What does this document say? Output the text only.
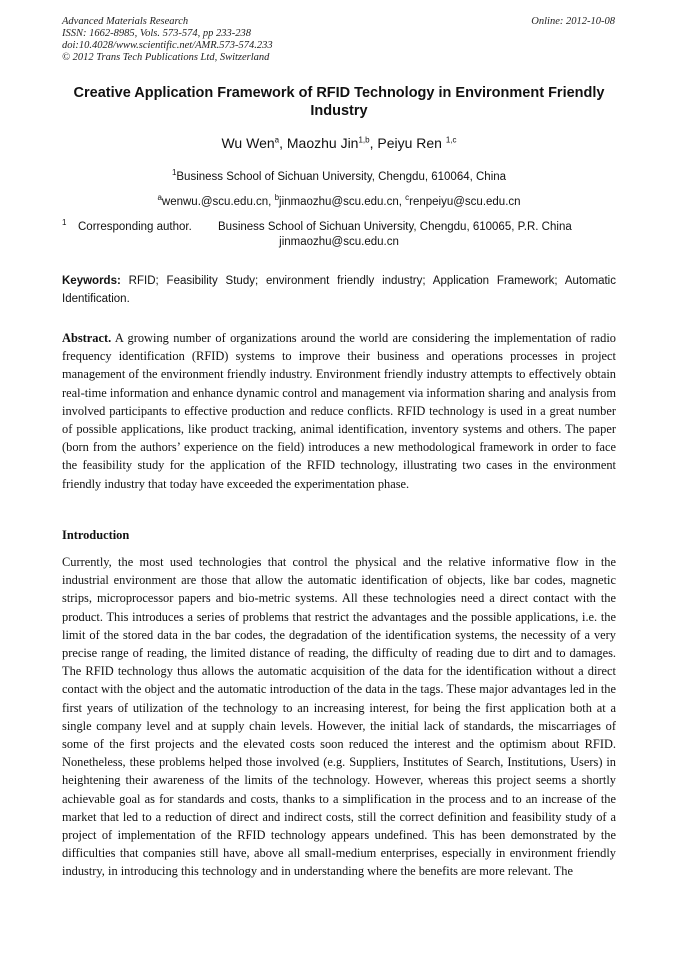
Advanced Materials Research
ISSN: 1662-8985, Vols. 573-574, pp 233-238
doi:10.4028/www.scientific.net/AMR.573-574.233
© 2012 Trans Tech Publications Ltd, Switzerland
Online: 2012-10-08
Creative Application Framework of RFID Technology in Environment Friendly Industry
Wu Wen$^a$, Maozhu Jin$^{1,b}$, Peiyu Ren $^{1,c}$
$^1$Business School of Sichuan University, Chengdu, 610064, China
$^a$wenwu.@scu.edu.cn, $^b$jinmaozhu@scu.edu.cn, $^c$renpeiyu@scu.edu.cn
$^1$	Corresponding author.	Business School of Sichuan University, Chengdu, 610065, P.R. China
jinmaozhu@scu.edu.cn
Keywords: RFID; Feasibility Study; environment friendly industry; Application Framework; Automatic Identification.
Abstract. A growing number of organizations around the world are considering the implementation of radio frequency identification (RFID) systems to improve their business and operations processes in project management of the environment friendly industry. Environment friendly industry attempts to effectively obtain real-time information and enhance dynamic control and management via information sharing and analysis from involved participants to effective production and reduce conflicts. RFID technology is used in a great number of possible applications, like product tracking, animal identification, inventory systems and others. The paper (born from the authors’ experience on the field) introduces a new methodological framework in order to face the feasibility study for the application of the RFID technology, illustrating two cases in the environment friendly industry that today have exceeded the experimentation phase.
Introduction
Currently, the most used technologies that control the physical and the relative informative flow in the industrial environment are those that allow the automatic identification of objects, like bar codes, magnetic strips, microprocessor papers and bio-metric systems. All these technologies need a direct contact with the product. This introduces a series of problems that restrict the advantages and the possible applications, i.e. the limit of the stored data in the bar codes, the degradation of the identification systems, the necessity of a very precise range of reading, the limited distance of reading, the difficulty of reading due to dirt and to damages. The RFID technology thus allows the automatic acquisition of the data for the identification without a direct contact with the object and the automatic introduction of the data in the tags. These major advantages led in the first years of utilization of the technology to an increasing interest, for being the first application both at a single company level and at supply chain levels. However, the initial lack of standards, the miscarriages of some of the first projects and the elevated costs soon reduced the interest and the optimism about RFID. Nonetheless, these problems helped those involved (e.g. Suppliers, Institutes of Search, Institutions, Users) in heightening their awareness of the limits of the technology. However, whereas this project seems a shortly achievable goal as for standards and costs, thanks to a simplification in the process and to an increase of the market that led to a reduction of direct and indirect costs, still the correct definition and feasibility study of a project of implementation of the RFID technology appears undefined. This has been demonstrated by the difficulties that companies still have, above all small-medium enterprises, especially in environment friendly industry, in introducing this technology and in understanding where the benefits are more relevant. The
